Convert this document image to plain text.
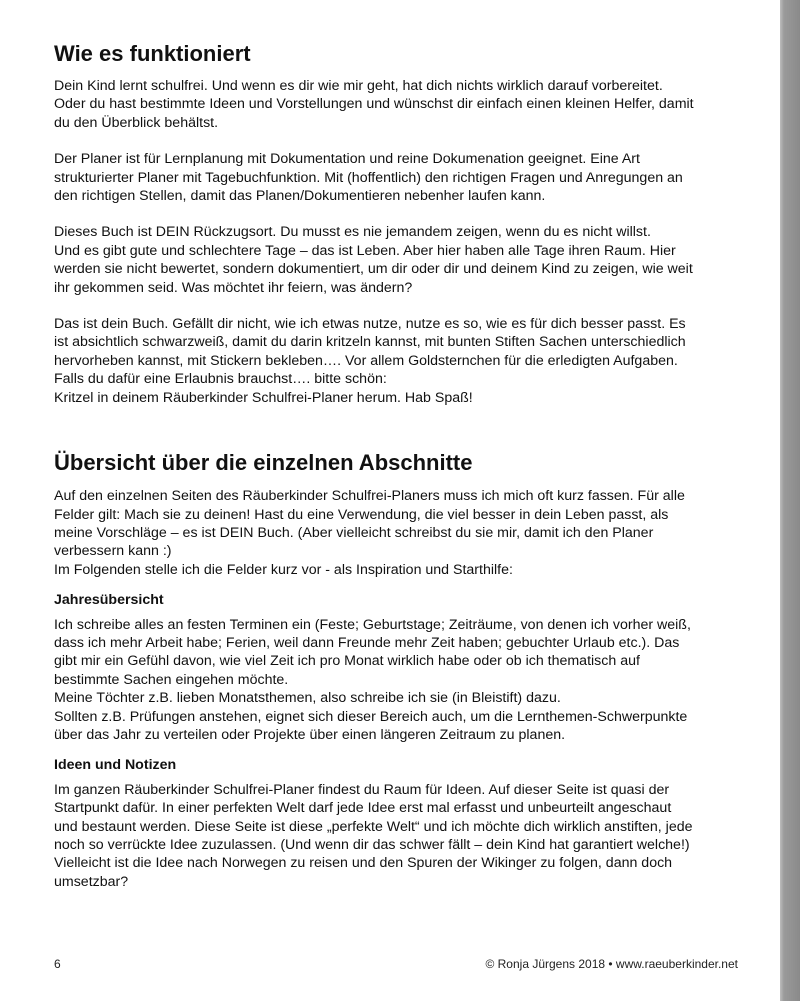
Wie es funktioniert

Dein Kind lernt schulfrei. Und wenn es dir wie mir geht, hat dich nichts wirklich darauf vorbereitet.
Oder du hast bestimmte Ideen und Vorstellungen und wünschst dir einfach einen kleinen Helfer, damit
du den Überblick behältst.

Der Planer ist für Lernplanung mit Dokumentation und reine Dokumenation geeignet. Eine Art
strukturierter Planer mit Tagebuchfunktion. Mit (hoffentlich) den richtigen Fragen und Anregungen an
den richtigen Stellen, damit das Planen/Dokumentieren nebenher laufen kann.

Dieses Buch ist DEIN Rückzugsort. Du musst es nie jemandem zeigen, wenn du es nicht willst.
Und es gibt gute und schlechtere Tage – das ist Leben. Aber hier haben alle Tage ihren Raum. Hier
werden sie nicht bewertet, sondern dokumentiert, um dir oder dir und deinem Kind zu zeigen, wie weit
ihr gekommen seid. Was möchtet ihr feiern, was ändern?

Das ist dein Buch. Gefällt dir nicht, wie ich etwas nutze, nutze es so, wie es für dich besser passt. Es
ist absichtlich schwarzweiß, damit du darin kritzeln kannst, mit bunten Stiften Sachen unterschiedlich
hervorheben kannst, mit Stickern bekleben…. Vor allem Goldsternchen für die erledigten Aufgaben.
Falls du dafür eine Erlaubnis brauchst…. bitte schön:
Kritzel in deinem Räuberkinder Schulfrei-Planer herum. Hab Spaß!

Übersicht über die einzelnen Abschnitte

Auf den einzelnen Seiten des Räuberkinder Schulfrei-Planers muss ich mich oft kurz fassen. Für alle
Felder gilt: Mach sie zu deinen! Hast du eine Verwendung, die viel besser in dein Leben passt, als
meine Vorschläge – es ist DEIN Buch. (Aber vielleicht schreibst du sie mir, damit ich den Planer
verbessern kann :)
Im Folgenden stelle ich die Felder kurz vor - als Inspiration und Starthilfe:

Jahresübersicht

Ich schreibe alles an festen Terminen ein (Feste; Geburtstage; Zeiträume, von denen ich vorher weiß,
dass ich mehr Arbeit habe; Ferien, weil dann Freunde mehr Zeit haben; gebuchter Urlaub etc.). Das
gibt mir ein Gefühl davon, wie viel Zeit ich pro Monat wirklich habe oder ob ich thematisch auf
bestimmte Sachen eingehen möchte.
Meine Töchter z.B. lieben Monatsthemen, also schreibe ich sie (in Bleistift) dazu.
Sollten z.B. Prüfungen anstehen, eignet sich dieser Bereich auch, um die Lernthemen-Schwerpunkte
über das Jahr zu verteilen oder Projekte über einen längeren Zeitraum zu planen.

Ideen und Notizen

Im ganzen Räuberkinder Schulfrei-Planer findest du Raum für Ideen. Auf dieser Seite ist quasi der
Startpunkt dafür. In einer perfekten Welt darf jede Idee erst mal erfasst und unbeurteilt angeschaut
und bestaunt werden. Diese Seite ist diese „perfekte Welt“ und ich möchte dich wirklich anstiften, jede
noch so verrückte Idee zuzulassen. (Und wenn dir das schwer fällt – dein Kind hat garantiert welche!)
Vielleicht ist die Idee nach Norwegen zu reisen und den Spuren der Wikinger zu folgen, dann doch
umsetzbar?

6	© Ronja Jürgens 2018 • www.raeuberkinder.net
